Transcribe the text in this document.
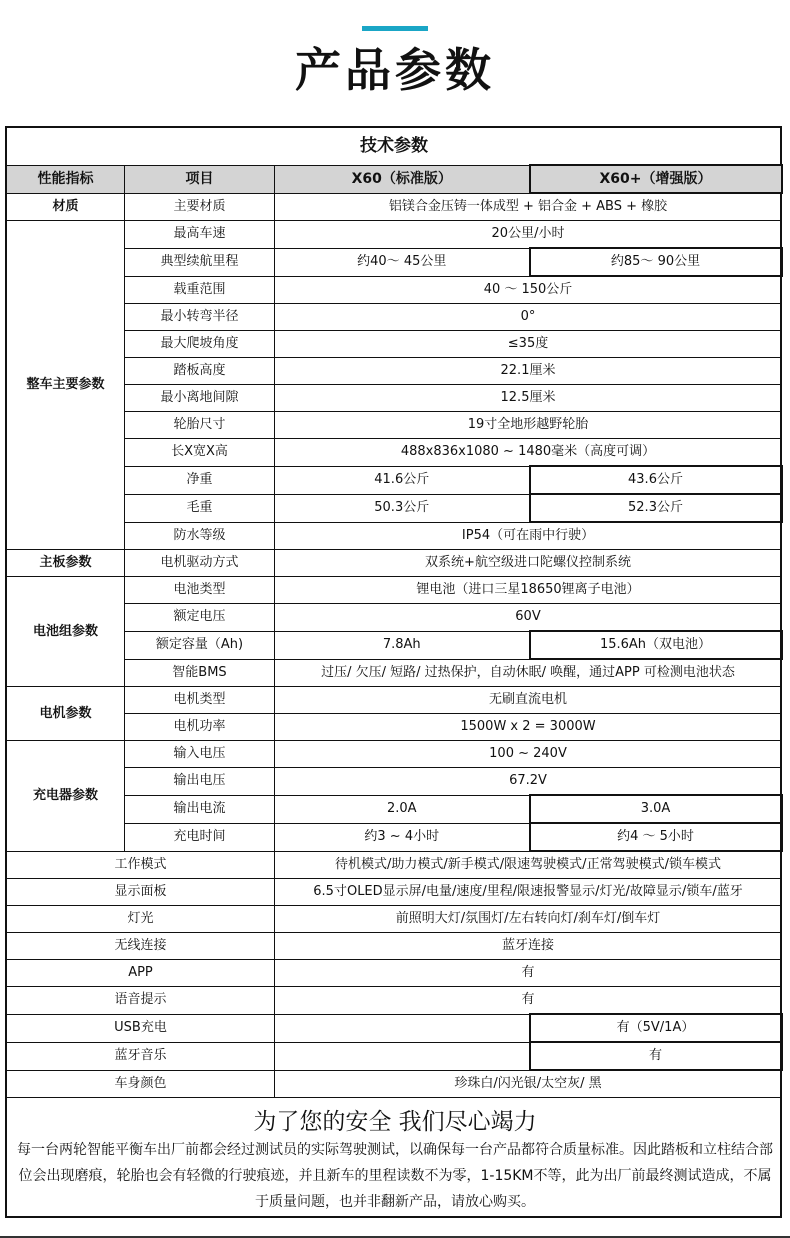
产品参数
技术参数			
性能指标	项目	X60（标准版）	X60+（增强版）
材质	主要材质	铝镁合金压铸一体成型 + 铝合金 + ABS + 橡胶	
整车主要参数	最高车速	20公里/小时	
	典型续航里程	约40～ 45公里	约85～ 90公里
	载重范围	40 ～ 150公斤	
	最小转弯半径	0°	
	最大爬坡角度	≤35度	
	踏板高度	22.1厘米	
	最小离地间隙	12.5厘米	
	轮胎尺寸	19寸全地形越野轮胎	
	长X宽X高	488x836x1080 ~ 1480毫米（高度可调）	
	净重	41.6公斤	43.6公斤
	毛重	50.3公斤	52.3公斤
	防水等级	IP54（可在雨中行驶）	
主板参数	电机驱动方式	双系统+航空级进口陀螺仪控制系统	
电池组参数	电池类型	锂电池（进口三星18650锂离子电池）	
	额定电压	60V	
	额定容量（Ah)	7.8Ah	15.6Ah（双电池）
	智能BMS	过压/ 欠压/ 短路/ 过热保护，自动休眠/ 唤醒，通过APP 可检测电池状态	
电机参数	电机类型	无刷直流电机	
	电机功率	1500W x 2 = 3000W	
充电器参数	输入电压	100 ~ 240V	
	输出电压	67.2V	
	输出电流	2.0A	3.0A
	充电时间	约3 ~ 4小时	约4 ～ 5小时
工作模式		待机模式/助力模式/新手模式/限速驾驶模式/正常驾驶模式/锁车模式	
显示面板		6.5寸OLED显示屏/电量/速度/里程/限速报警显示/灯光/故障显示/锁车/蓝牙	
灯光		前照明大灯/氛围灯/左右转向灯/刹车灯/倒车灯	
无线连接		蓝牙连接	
APP		有	
语音提示		有	
USB充电			有（5V/1A）
蓝牙音乐			有
车身颜色		珍珠白/闪光银/太空灰/ 黑	
为了您的安全 我们尽心竭力
每一台两轮智能平衡车出厂前都会经过测试员的实际驾驶测试，以确保每一台产品都符合质量标准。因此踏板和立柱结合部位会出现磨痕，轮胎也会有轻微的行驶痕迹，并且新车的里程读数不为零，1-15KM不等，此为出厂前最终测试造成，不属于质量问题，也并非翻新产品，请放心购买。
